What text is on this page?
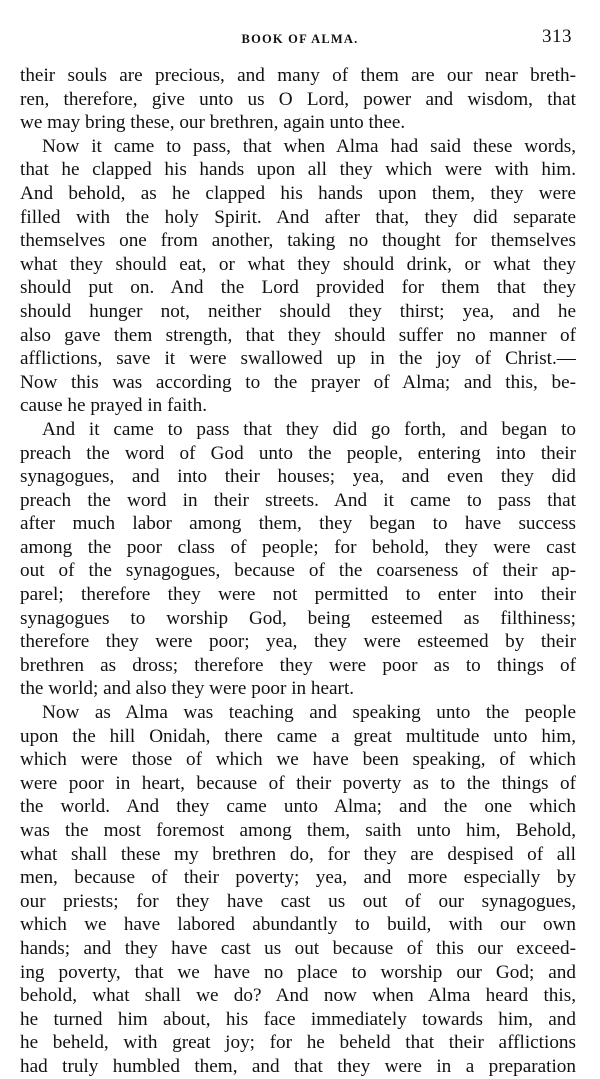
BOOK OF ALMA.	313
their souls are precious, and many of them are our near breth-
ren, therefore, give unto us O Lord, power and wisdom, that
we may bring these, our brethren, again unto thee.
Now it came to pass, that when Alma had said these words,
that he clapped his hands upon all they which were with him.
And behold, as he clapped his hands upon them, they were
filled with the holy Spirit. And after that, they did separate
themselves one from another, taking no thought for themselves
what they should eat, or what they should drink, or what they
should put on. And the Lord provided for them that they
should hunger not, neither should they thirst; yea, and he
also gave them strength, that they should suffer no manner of
afflictions, save it were swallowed up in the joy of Christ.—
Now this was according to the prayer of Alma; and this, be-
cause he prayed in faith.
And it came to pass that they did go forth, and began to
preach the word of God unto the people, entering into their
synagogues, and into their houses; yea, and even they did
preach the word in their streets. And it came to pass that
after much labor among them, they began to have success
among the poor class of people; for behold, they were cast
out of the synagogues, because of the coarseness of their ap-
parel; therefore they were not permitted to enter into their
synagogues to worship God, being esteemed as filthiness;
therefore they were poor; yea, they were esteemed by their
brethren as dross; therefore they were poor as to things of
the world; and also they were poor in heart.
Now as Alma was teaching and speaking unto the people
upon the hill Onidah, there came a great multitude unto him,
which were those of which we have been speaking, of which
were poor in heart, because of their poverty as to the things of
the world. And they came unto Alma; and the one which
was the most foremost among them, saith unto him, Behold,
what shall these my brethren do, for they are despised of all
men, because of their poverty; yea, and more especially by
our priests; for they have cast us out of our synagogues,
which we have labored abundantly to build, with our own
hands; and they have cast us out because of this our exceed-
ing poverty, that we have no place to worship our God; and
behold, what shall we do? And now when Alma heard this,
he turned him about, his face immediately towards him, and
he beheld, with great joy; for he beheld that their afflictions
had truly humbled them, and that they were in a preparation
